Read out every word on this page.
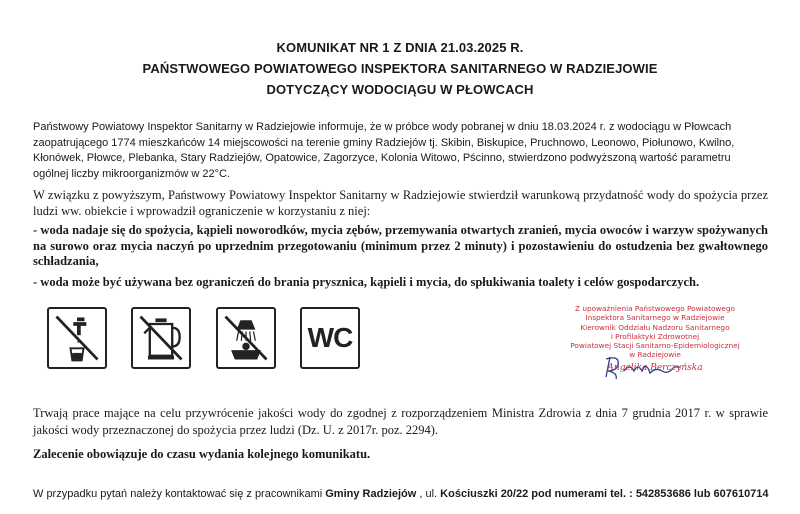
KOMUNIKAT NR 1 Z DNIA 21.03.2025 R.
PAŃSTWOWEGO POWIATOWEGO INSPEKTORA SANITARNEGO W RADZIEJOWIE
DOTYCZĄCY WODOCIĄGU W PŁOWCACH
Państwowy Powiatowy Inspektor Sanitarny w Radziejowie informuje, że w próbce wody pobranej w dniu 18.03.2024 r. z wodociągu w Płowcach zaopatrującego 1774 mieszkańców 14 miejscowości na terenie gminy Radziejów tj. Skibin, Biskupice, Pruchnowo, Leonowo, Piołunowo, Kwilno, Kłonówek, Płowce, Plebanka, Stary Radziejów, Opatowice, Zagorzyce, Kolonia Witowo, Pścinno, stwierdzono podwyższoną wartość parametru ogólnej liczby mikroorganizmów w 22°C.
W związku z powyższym, Państwowy Powiatowy Inspektor Sanitarny w Radziejowie stwierdził warunkową przydatność wody do spożycia przez ludzi ww. obiekcie i wprowadził ograniczenie w korzystaniu z niej:
- woda nadaje się do spożycia, kąpieli noworodków, mycia zębów, przemywania otwartych zranień, mycia owoców i warzyw spożywanych na surowo oraz mycia naczyń po uprzednim przegotowaniu (minimum przez 2 minuty) i pozostawieniu do ostudzenia bez gwałtownego schładzania,
- woda może być używana bez ograniczeń do brania prysznica, kąpieli i mycia, do spłukiwania toalety i celów gospodarczych.
WC
Z upoważnienia Państwowego Powiatowego
Inspektora Sanitarnego w Radziejowie
Kierownik Oddziału Nadzoru Sanitarnego
i Profilaktyki Zdrowotnej
Powiatowej Stacji Sanitarno-Epidemiologicznej
w Radziejowie
Angelika Berczyńska
Trwają prace mające na celu przywrócenie jakości wody do zgodnej z rozporządzeniem Ministra Zdrowia z dnia 7 grudnia 2017 r. w sprawie jakości wody przeznaczonej do spożycia przez ludzi (Dz. U. z 2017r. poz. 2294).
Zalecenie obowiązuje do czasu wydania kolejnego komunikatu.
W przypadku pytań należy kontaktować się z pracownikami Gminy Radziejów , ul. Kościuszki 20/22 pod numerami tel. : 542853686 lub 607610714
